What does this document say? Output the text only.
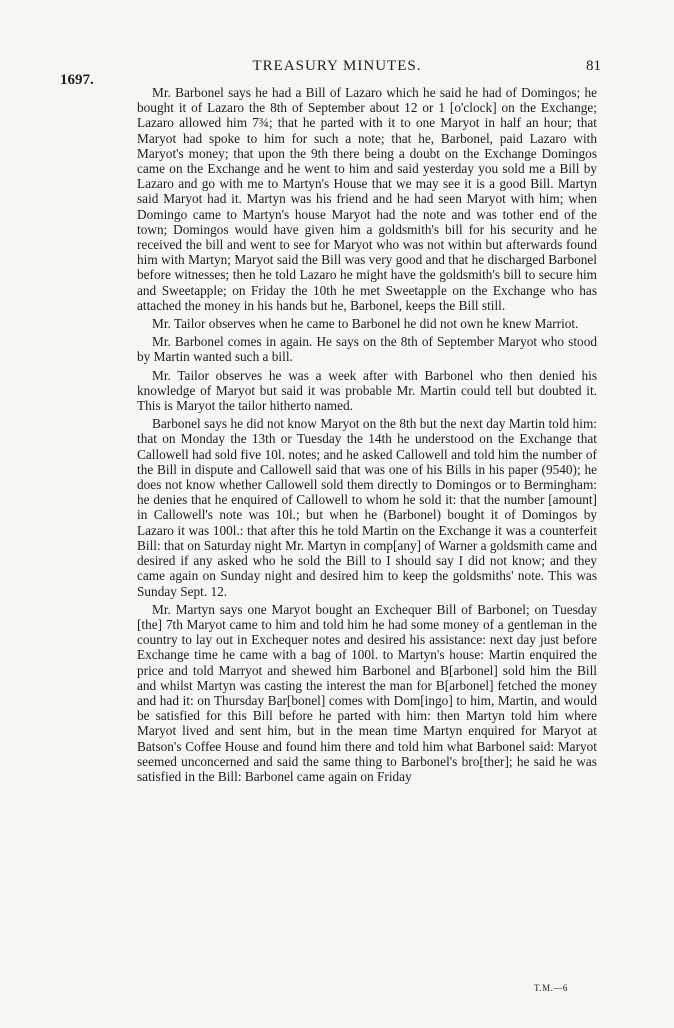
1697.
TREASURY MINUTES.	81

Mr. Barbonel says he had a Bill of Lazaro which he said he had of Domingos; he bought it of Lazaro the 8th of September about 12 or 1 [o'clock] on the Exchange; Lazaro allowed him 7¾; that he parted with it to one Maryot in half an hour; that Maryot had spoke to him for such a note; that he, Barbonel, paid Lazaro with Maryot's money; that upon the 9th there being a doubt on the Exchange Domingos came on the Exchange and he went to him and said yesterday you sold me a Bill by Lazaro and go with me to Martyn's House that we may see it is a good Bill. Martyn said Maryot had it. Martyn was his friend and he had seen Maryot with him; when Domingo came to Martyn's house Maryot had the note and was tother end of the town; Domingos would have given him a goldsmith's bill for his security and he received the bill and went to see for Maryot who was not within but afterwards found him with Martyn; Maryot said the Bill was very good and that he discharged Barbonel before witnesses; then he told Lazaro he might have the goldsmith's bill to secure him and Sweetapple; on Friday the 10th he met Sweetapple on the Exchange who has attached the money in his hands but he, Barbonel, keeps the Bill still.

Mr. Tailor observes when he came to Barbonel he did not own he knew Marriot.

Mr. Barbonel comes in again. He says on the 8th of September Maryot who stood by Martin wanted such a bill.

Mr. Tailor observes he was a week after with Barbonel who then denied his knowledge of Maryot but said it was probable Mr. Martin could tell but doubted it. This is Maryot the tailor hitherto named.

Barbonel says he did not know Maryot on the 8th but the next day Martin told him: that on Monday the 13th or Tuesday the 14th he understood on the Exchange that Callowell had sold five 10l. notes; and he asked Callowell and told him the number of the Bill in dispute and Callowell said that was one of his Bills in his paper (9540); he does not know whether Callowell sold them directly to Domingos or to Bermingham: he denies that he enquired of Callowell to whom he sold it: that the number [amount] in Callowell's note was 10l.; but when he (Barbonel) bought it of Domingos by Lazaro it was 100l.: that after this he told Martin on the Exchange it was a counterfeit Bill: that on Saturday night Mr. Martyn in comp[any] of Warner a goldsmith came and desired if any asked who he sold the Bill to I should say I did not know; and they came again on Sunday night and desired him to keep the goldsmiths' note. This was Sunday Sept. 12.

Mr. Martyn says one Maryot bought an Exchequer Bill of Barbonel; on Tuesday [the] 7th Maryot came to him and told him he had some money of a gentleman in the country to lay out in Exchequer notes and desired his assistance: next day just before Exchange time he came with a bag of 100l. to Martyn's house: Martin enquired the price and told Marryot and shewed him Barbonel and B[arbonel] sold him the Bill and whilst Martyn was casting the interest the man for B[arbonel] fetched the money and had it: on Thursday Bar[bonel] comes with Dom[ingo] to him, Martin, and would be satisfied for this Bill before he parted with him: then Martyn told him where Maryot lived and sent him, but in the mean time Martyn enquired for Maryot at Batson's Coffee House and found him there and told him what Barbonel said: Maryot seemed unconcerned and said the same thing to Barbonel's bro[ther]; he said he was satisfied in the Bill: Barbonel came again on Friday

T.M.—6
